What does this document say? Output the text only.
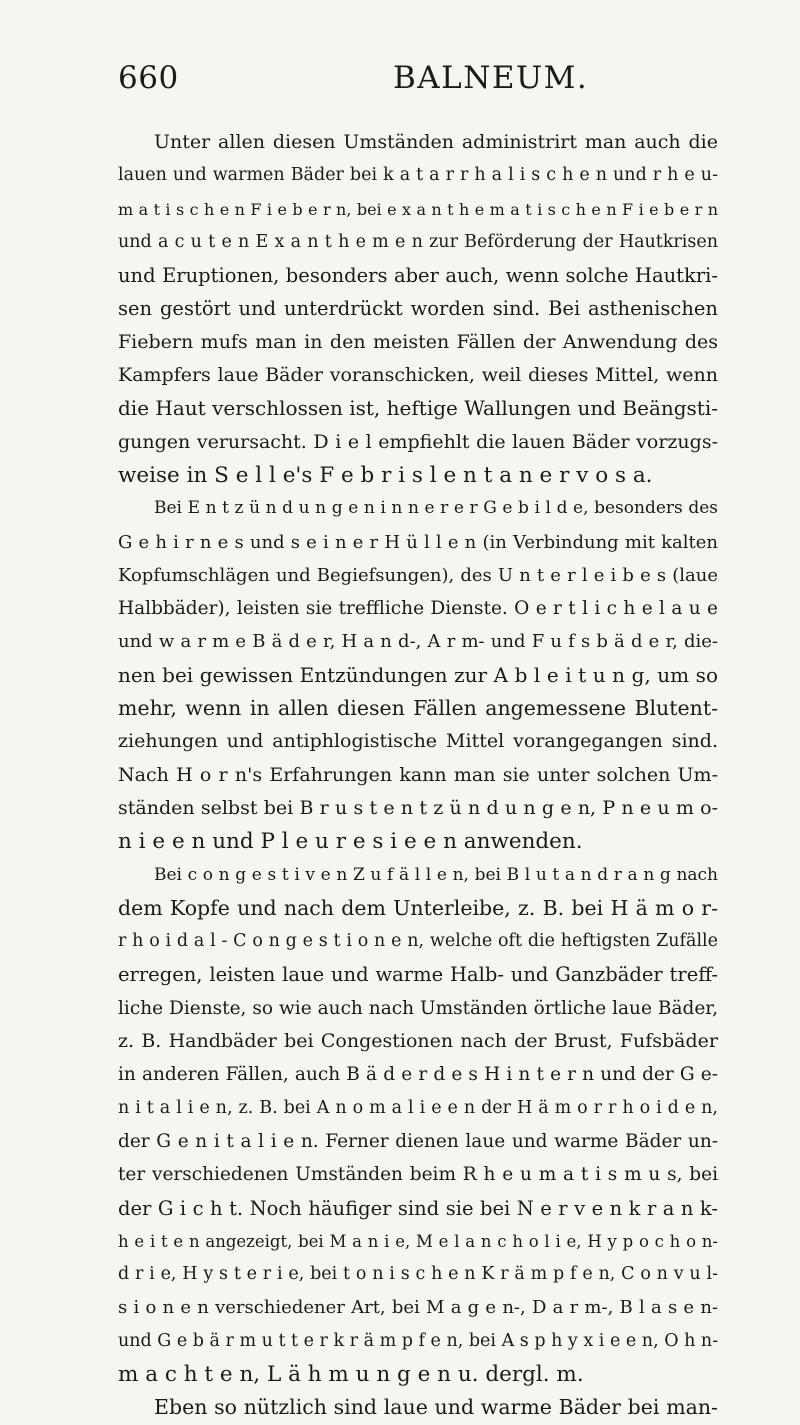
660	BALNEUM.
Unter allen diesen Umständen administrirt man auch die
lauen und warmen Bäder bei k a t a r r h a l i s c h e n und r h e u-
m a t i s c h e n F i e b e r n, bei e x a n t h e m a t i s c h e n F i e b e r n
und a c u t e n E x a n t h e m e n zur Beförderung der Hautkrisen
und Eruptionen, besonders aber auch, wenn solche Hautkri-
sen gestört und unterdrückt worden sind. Bei asthenischen
Fiebern mufs man in den meisten Fällen der Anwendung des
Kampfers laue Bäder voranschicken, weil dieses Mittel, wenn
die Haut verschlossen ist, heftige Wallungen und Beängsti-
gungen verursacht. D i e l empfiehlt die lauen Bäder vorzugs-
weise in S e l l e's F e b r i s l e n t a n e r v o s a.
Bei E n t z ü n d u n g e n i n n e r e r G e b i l d e, besonders des
G e h i r n e s und s e i n e r H ü l l e n (in Verbindung mit kalten
Kopfumschlägen und Begiefsungen), des U n t e r l e i b e s (laue
Halbbäder), leisten sie treffliche Dienste. O e r t l i c h e l a u e
und w a r m e B ä d e r, H a n d-, A r m- und F u f s b ä d e r, die-
nen bei gewissen Entzündungen zur A b l e i t u n g, um so
mehr, wenn in allen diesen Fällen angemessene Blutent-
ziehungen und antiphlogistische Mittel vorangegangen sind.
Nach H o r n's Erfahrungen kann man sie unter solchen Um-
ständen selbst bei B r u s t e n t z ü n d u n g e n, P n e u m o-
n i e e n und P l e u r e s i e e n anwenden.
Bei c o n g e s t i v e n Z u f ä l l e n, bei B l u t a n d r a n g nach
dem Kopfe und nach dem Unterleibe, z. B. bei H ä m o r-
r h o i d a l - C o n g e s t i o n e n, welche oft die heftigsten Zufälle
erregen, leisten laue und warme Halb- und Ganzbäder treff-
liche Dienste, so wie auch nach Umständen örtliche laue Bäder,
z. B. Handbäder bei Congestionen nach der Brust, Fufsbäder
in anderen Fällen, auch B ä d e r d e s H i n t e r n und der G e-
n i t a l i e n, z. B. bei A n o m a l i e e n der H ä m o r r h o i d e n,
der G e n i t a l i e n. Ferner dienen laue und warme Bäder un-
ter verschiedenen Umständen beim R h e u m a t i s m u s, bei
der G i c h t. Noch häufiger sind sie bei N e r v e n k r a n k-
h e i t e n angezeigt, bei M a n i e, M e l a n c h o l i e, H y p o c h o n-
d r i e, H y s t e r i e, bei t o n i s c h e n K r ä m p f e n, C o n v u l-
s i o n e n verschiedener Art, bei M a g e n-, D a r m-, B l a s e n-
und G e b ä r m u t t e r k r ä m p f e n, bei A s p h y x i e e n, O h n-
m a c h t e n, L ä h m u n g e n u. dergl. m.
Eben so nützlich sind laue und warme Bäder bei man-
